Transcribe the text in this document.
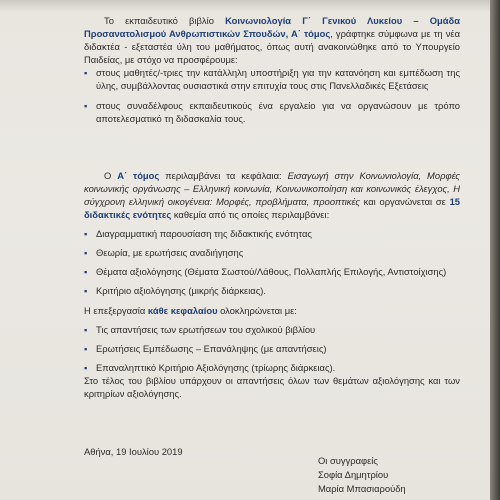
Το εκπαιδευτικό βιβλίο Κοινωνιολογία Γ΄ Γενικού Λυκείου – Ομάδα Προσανατολισμού Ανθρωπιστικών Σπουδών, Α΄ τόμος, γράφτηκε σύμφωνα με τη νέα διδακτέα - εξεταστέα ύλη του μαθήματος, όπως αυτή ανακοινώθηκε από το Υπουργείο Παιδείας, με στόχο να προσφέρουμε:

▪ στους μαθητές/-τριες την κατάλληλη υποστήριξη για την κατανόηση και εμπέδωση της ύλης, συμβάλλοντας ουσιαστικά στην επιτυχία τους στις Πανελλαδικές Εξετάσεις
▪ στους συναδέλφους εκπαιδευτικούς ένα εργαλείο για να οργανώσουν με τρόπο αποτελεσματικό τη διδασκαλία τους.

Ο Α΄ τόμος περιλαμβάνει τα κεφάλαια: Εισαγωγή στην Κοινωνιολογία, Μορφές κοινωνικής οργάνωσης – Ελληνική κοινωνία, Κοινωνικοποίηση και κοινωνικός έλεγχος, Η σύγχρονη ελληνική οικογένεια: Μορφές, προβλήματα, προοπτικές και οργανώνεται σε 15 διδακτικές ενότητες καθεμία από τις οποίες περιλαμβάνει:

▪ Διαγραμματική παρουσίαση της διδακτικής ενότητας
▪ Θεωρία, με ερωτήσεις αναδιήγησης
▪ Θέματα αξιολόγησης (Θέματα Σωστού/Λάθους, Πολλαπλής Επιλογής, Αντιστοίχισης)
▪ Κριτήριο αξιολόγησης (μικρής διάρκειας).

Η επεξεργασία κάθε κεφαλαίου ολοκληρώνεται με:

▪ Τις απαντήσεις των ερωτήσεων του σχολικού βιβλίου
▪ Ερωτήσεις Εμπέδωσης – Επανάληψης (με απαντήσεις)
▪ Επαναληπτικό Κριτήριο Αξιολόγησης (τρίωρης διάρκειας).

Στο τέλος του βιβλίου υπάρχουν οι απαντήσεις όλων των θεμάτων αξιολόγησης και των κριτηρίων αξιολόγησης.

Αθήνα, 19 Ιουλίου 2019
Οι συγγραφείς
Σοφία Δημητρίου
Μαρία Μπασιαρούδη
